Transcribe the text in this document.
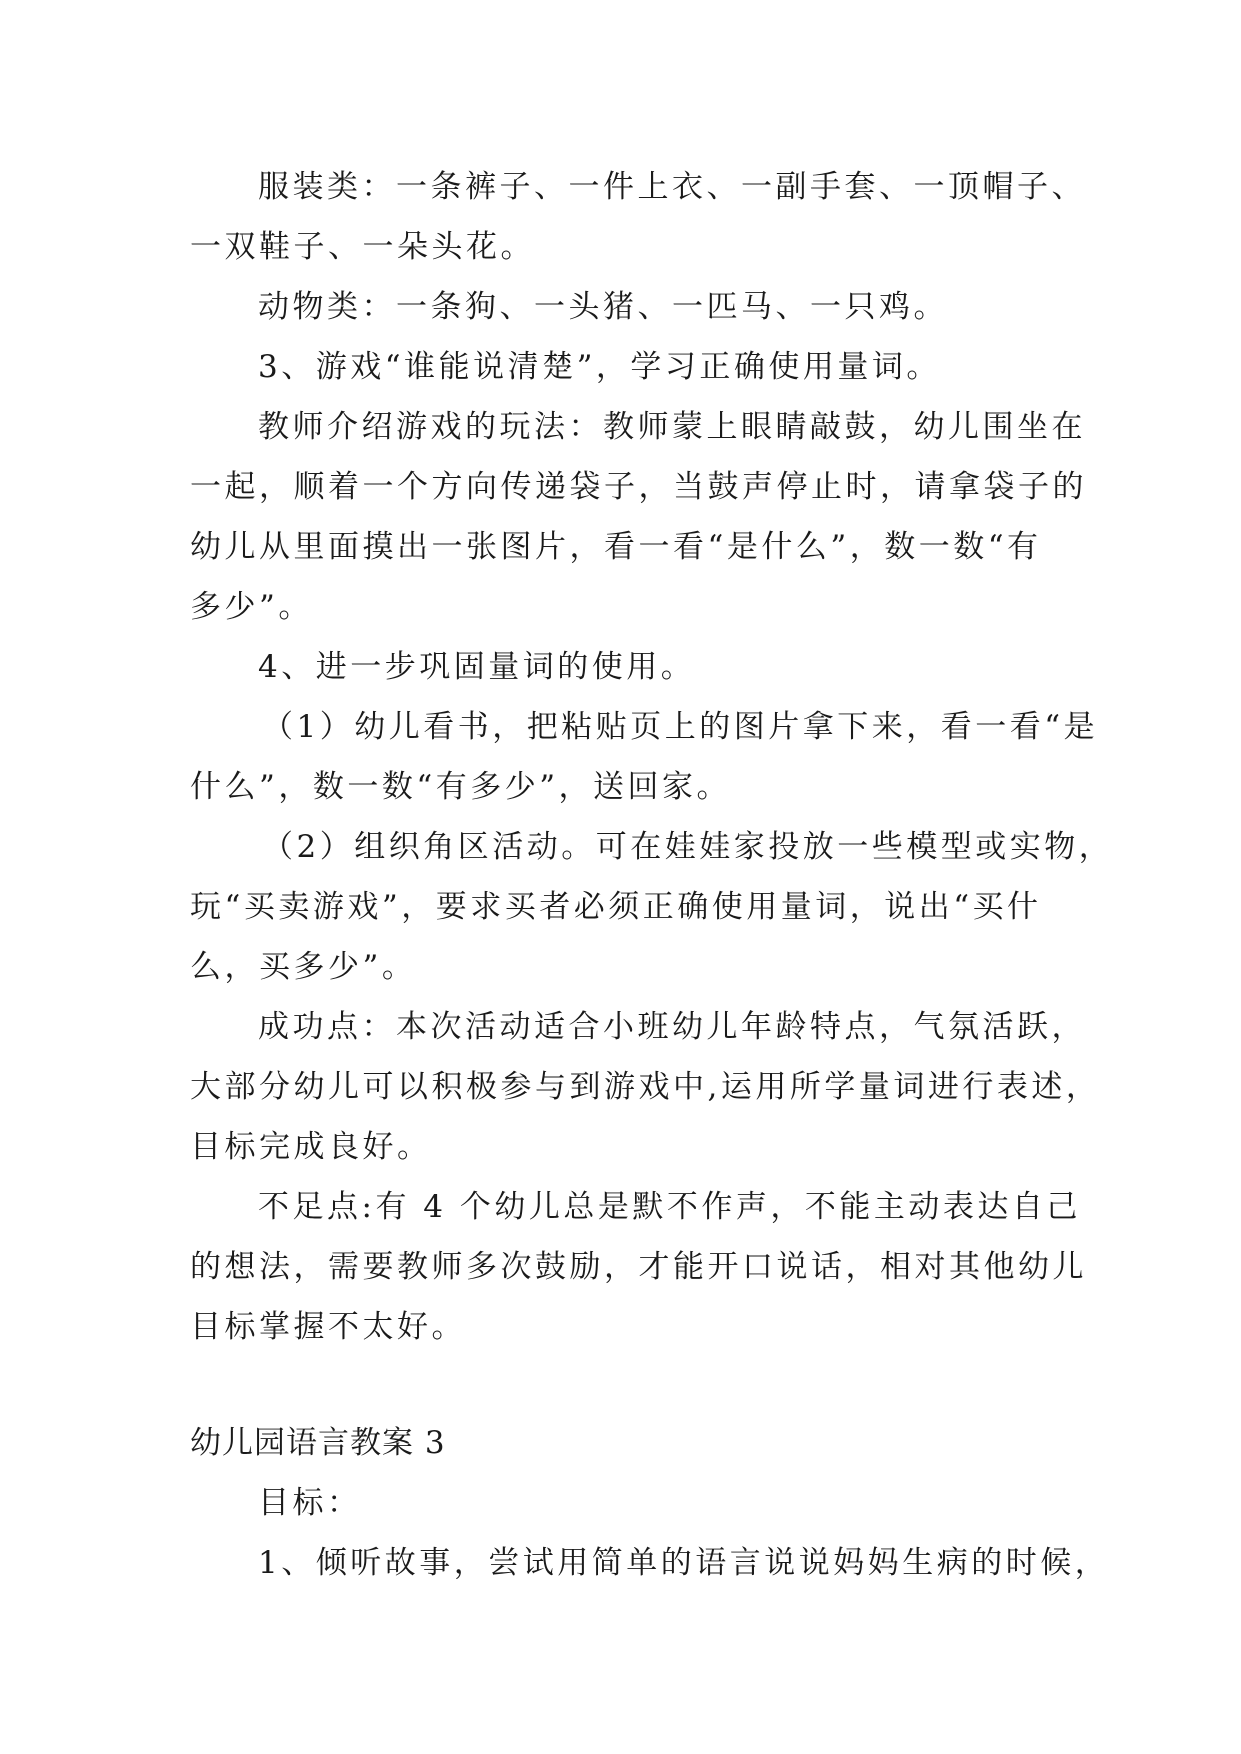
服装类：一条裤子、一件上衣、一副手套、一顶帽子、

一双鞋子、一朵头花。

动物类：一条狗、一头猪、一匹马、一只鸡。

3、游戏“谁能说清楚”，学习正确使用量词。

教师介绍游戏的玩法：教师蒙上眼睛敲鼓，幼儿围坐在

一起，顺着一个方向传递袋子，当鼓声停止时，请拿袋子的

幼儿从里面摸出一张图片，看一看“是什么”，数一数“有

多少”。

4、进一步巩固量词的使用。

（1）幼儿看书，把粘贴页上的图片拿下来，看一看“是

什么”，数一数“有多少”，送回家。

（2）组织角区活动。可在娃娃家投放一些模型或实物，

玩“买卖游戏”，要求买者必须正确使用量词，说出“买什

么，买多少”。

成功点：本次活动适合小班幼儿年龄特点，气氛活跃，

大部分幼儿可以积极参与到游戏中,运用所学量词进行表述，

目标完成良好。

不足点:有 4 个幼儿总是默不作声，不能主动表达自己

的想法，需要教师多次鼓励，才能开口说话，相对其他幼儿

目标掌握不太好。

幼儿园语言教案 3

目标：

1、倾听故事，尝试用简单的语言说说妈妈生病的时候，
